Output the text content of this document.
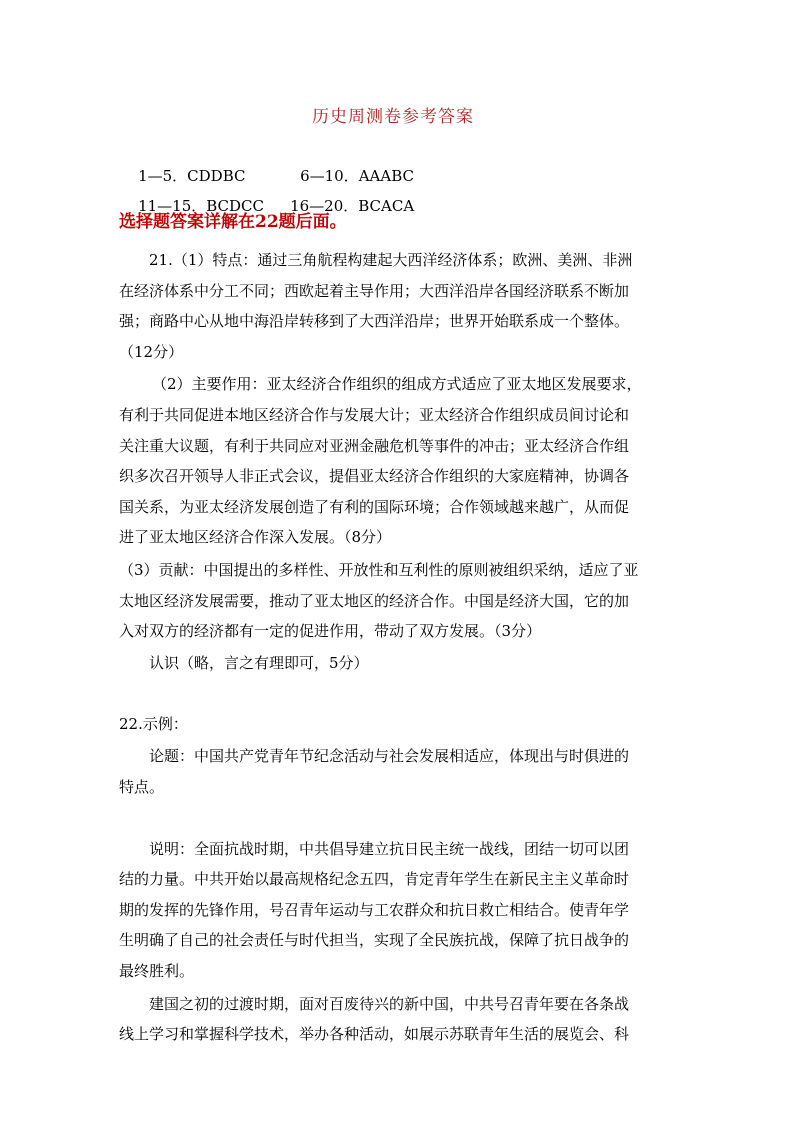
历史周测卷参考答案

1—5．CDDBC
	6—10．AAABC

11—15．BCDCC
	16—20．BCACA

选择题答案详解在22题后面。
21.（1）特点：通过三角航程构建起大西洋经济体系；欧洲、美洲、非洲
在经济体系中分工不同；西欧起着主导作用；大西洋沿岸各国经济联系不断加
强；商路中心从地中海沿岸转移到了大西洋沿岸；世界开始联系成一个整体。
（12分）
（2）主要作用：亚太经济合作组织的组成方式适应了亚太地区发展要求，
有利于共同促进本地区经济合作与发展大计；亚太经济合作组织成员间讨论和
关注重大议题，有利于共同应对亚洲金融危机等事件的冲击；亚太经济合作组
织多次召开领导人非正式会议，提倡亚太经济合作组织的大家庭精神，协调各
国关系，为亚太经济发展创造了有利的国际环境；合作领域越来越广，从而促
进了亚太地区经济合作深入发展。（8分）
（3）贡献：中国提出的多样性、开放性和互利性的原则被组织采纳，适应了亚
太地区经济发展需要，推动了亚太地区的经济合作。中国是经济大国，它的加
入对双方的经济都有一定的促进作用，带动了双方发展。（3分）
认识（略，言之有理即可，5分）
22.示例：
论题：中国共产党青年节纪念活动与社会发展相适应，体现出与时俱进的
特点。
说明：全面抗战时期，中共倡导建立抗日民主统一战线，团结一切可以团
结的力量。中共开始以最高规格纪念五四，肯定青年学生在新民主主义革命时
期的发挥的先锋作用，号召青年运动与工农群众和抗日救亡相结合。使青年学
生明确了自己的社会责任与时代担当，实现了全民族抗战，保障了抗日战争的
最终胜利。
建国之初的过渡时期，面对百废待兴的新中国，中共号召青年要在各条战
线上学习和掌握科学技术，举办各种活动，如展示苏联青年生活的展览会、科
